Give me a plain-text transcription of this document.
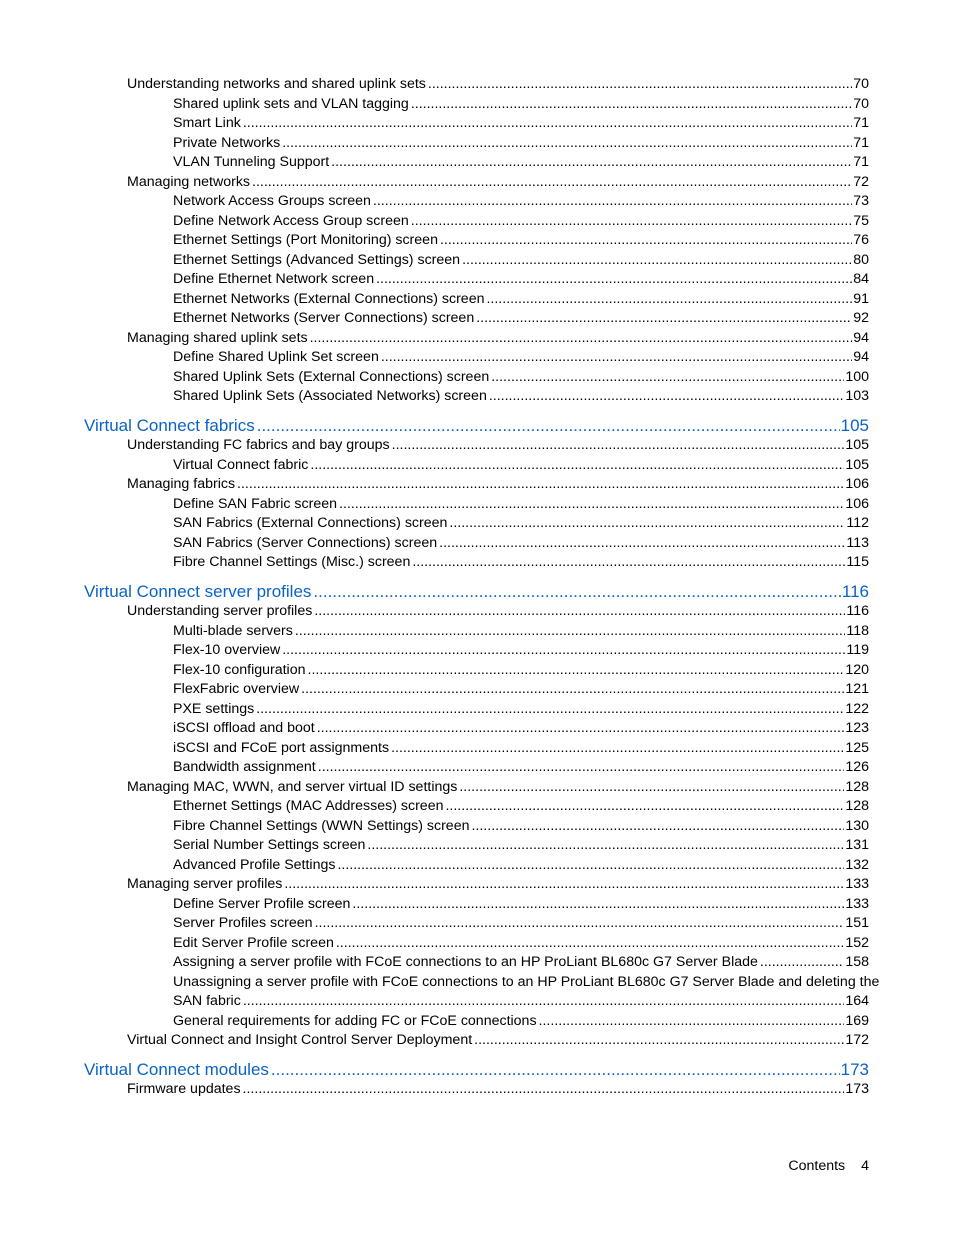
Understanding networks and shared uplink sets .....	70
Shared uplink sets and VLAN tagging .....	70
Smart Link .....	71
Private Networks .....	71
VLAN Tunneling Support .....	71
Managing networks .....	72
Network Access Groups screen .....	73
Define Network Access Group screen .....	75
Ethernet Settings (Port Monitoring) screen .....	76
Ethernet Settings (Advanced Settings) screen .....	80
Define Ethernet Network screen .....	84
Ethernet Networks (External Connections) screen .....	91
Ethernet Networks (Server Connections) screen .....	92
Managing shared uplink sets .....	94
Define Shared Uplink Set screen .....	94
Shared Uplink Sets (External Connections) screen .....	100
Shared Uplink Sets (Associated Networks) screen .....	103
Virtual Connect fabrics .....	105
Understanding FC fabrics and bay groups .....	105
Virtual Connect fabric .....	105
Managing fabrics .....	106
Define SAN Fabric screen .....	106
SAN Fabrics (External Connections) screen .....	112
SAN Fabrics (Server Connections) screen .....	113
Fibre Channel Settings (Misc.) screen .....	115
Virtual Connect server profiles .....	116
Understanding server profiles .....	116
Multi-blade servers .....	118
Flex-10 overview .....	119
Flex-10 configuration .....	120
FlexFabric overview .....	121
PXE settings .....	122
iSCSI offload and boot .....	123
iSCSI and FCoE port assignments .....	125
Bandwidth assignment .....	126
Managing MAC, WWN, and server virtual ID settings .....	128
Ethernet Settings (MAC Addresses) screen .....	128
Fibre Channel Settings (WWN Settings) screen .....	130
Serial Number Settings screen .....	131
Advanced Profile Settings .....	132
Managing server profiles .....	133
Define Server Profile screen .....	133
Server Profiles screen .....	151
Edit Server Profile screen .....	152
Assigning a server profile with FCoE connections to an HP ProLiant BL680c G7 Server Blade .....	158
Unassigning a server profile with FCoE connections to an HP ProLiant BL680c G7 Server Blade and deleting the
SAN fabric .....	164
General requirements for adding FC or FCoE connections .....	169
Virtual Connect and Insight Control Server Deployment .....	172
Virtual Connect modules .....	173
Firmware updates .....	173
Contents 4
